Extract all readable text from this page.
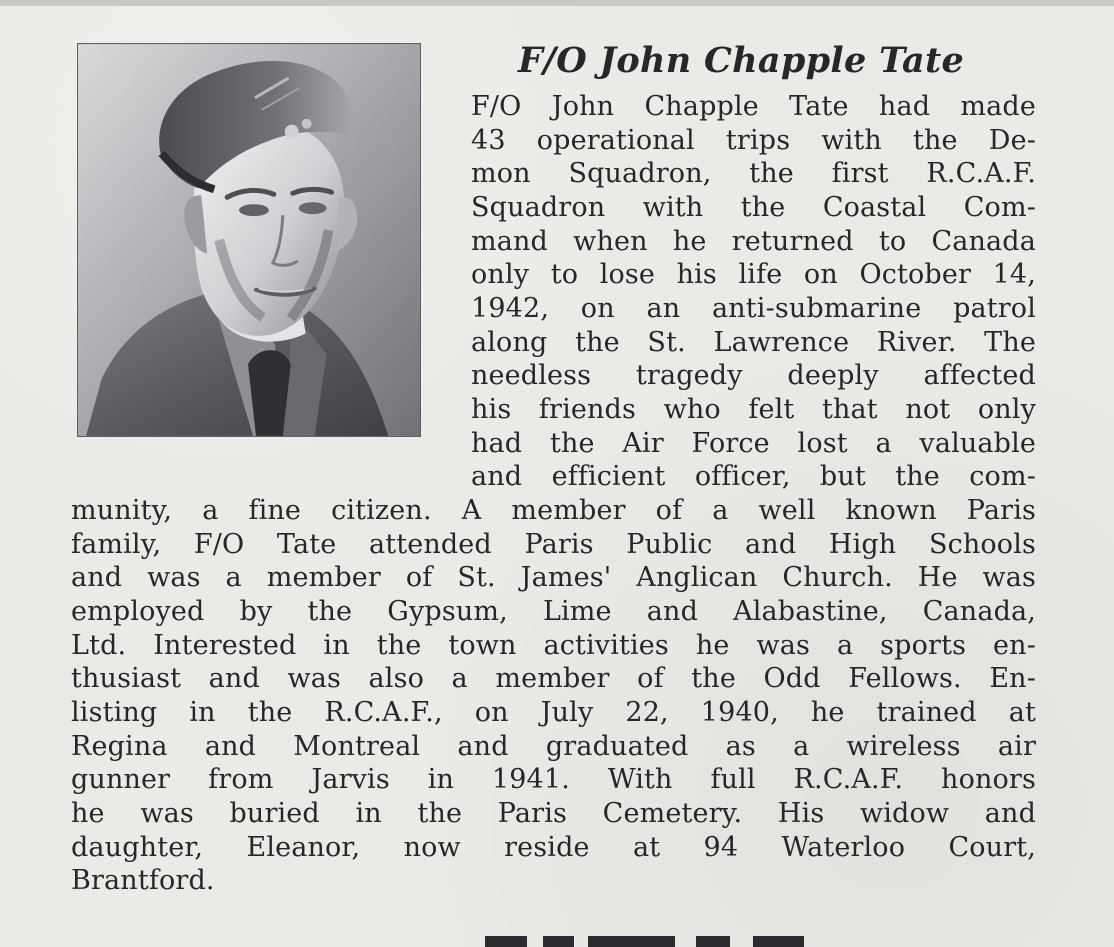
F/O John Chapple Tate

F/O John Chapple Tate had made

43 operational trips with the De-

mon Squadron, the first R.C.A.F.

Squadron with the Coastal Com-

mand when he returned to Canada

only to lose his life on October 14,

1942, on an anti-submarine patrol

along the St. Lawrence River. The

needless tragedy deeply affected

his friends who felt that not only

had the Air Force lost a valuable

and efficient officer, but the com-

munity, a fine citizen. A member of a well known Paris

family, F/O Tate attended Paris Public and High Schools

and was a member of St. James' Anglican Church. He was

employed by the Gypsum, Lime and Alabastine, Canada,

Ltd. Interested in the town activities he was a sports en-

thusiast and was also a member of the Odd Fellows. En-

listing in the R.C.A.F., on July 22, 1940, he trained at

Regina and Montreal and graduated as a wireless air

gunner from Jarvis in 1941. With full R.C.A.F. honors

he was buried in the Paris Cemetery. His widow and

daughter, Eleanor, now reside at 94 Waterloo Court,

Brantford.
